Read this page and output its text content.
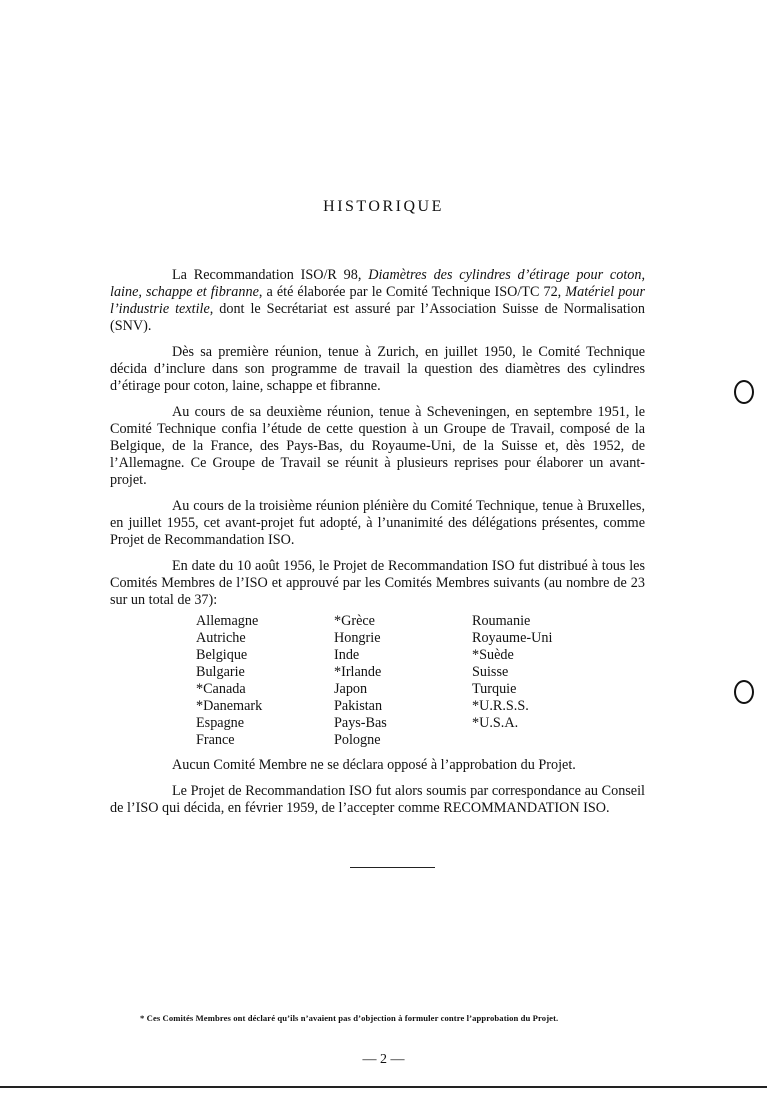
HISTORIQUE

La Recommandation ISO/R 98, Diamètres des cylindres d’étirage pour coton, laine, schappe et fibranne, a été élaborée par le Comité Technique ISO/TC 72, Matériel pour l’industrie textile, dont le Secrétariat est assuré par l’Association Suisse de Normalisation (SNV).

Dès sa première réunion, tenue à Zurich, en juillet 1950, le Comité Technique décida d’inclure dans son programme de travail la question des diamètres des cylindres d’étirage pour coton, laine, schappe et fibranne.

Au cours de sa deuxième réunion, tenue à Scheveningen, en septembre 1951, le Comité Technique confia l’étude de cette question à un Groupe de Travail, composé de la Belgique, de la France, des Pays-Bas, du Royaume-Uni, de la Suisse et, dès 1952, de l’Allemagne. Ce Groupe de Travail se réunit à plusieurs reprises pour élaborer un avant-projet.

Au cours de la troisième réunion plénière du Comité Technique, tenue à Bruxelles, en juillet 1955, cet avant-projet fut adopté, à l’unanimité des délégations présentes, comme Projet de Recommandation ISO.

En date du 10 août 1956, le Projet de Recommandation ISO fut distribué à tous les Comités Membres de l’ISO et approuvé par les Comités Membres suivants (au nombre de 23 sur un total de 37):

Allemagne	*Grèce	Roumanie
Autriche	Hongrie	Royaume-Uni
Belgique	Inde	*Suède
Bulgarie	*Irlande	Suisse
*Canada	Japon	Turquie
*Danemark	Pakistan	*U.R.S.S.
Espagne	Pays-Bas	*U.S.A.
France	Pologne

Aucun Comité Membre ne se déclara opposé à l’approbation du Projet.

Le Projet de Recommandation ISO fut alors soumis par correspondance au Conseil de l’ISO qui décida, en février 1959, de l’accepter comme RECOMMANDATION ISO.

* Ces Comités Membres ont déclaré qu’ils n’avaient pas d’objection à formuler contre l’approbation du Projet.
— 2 —
